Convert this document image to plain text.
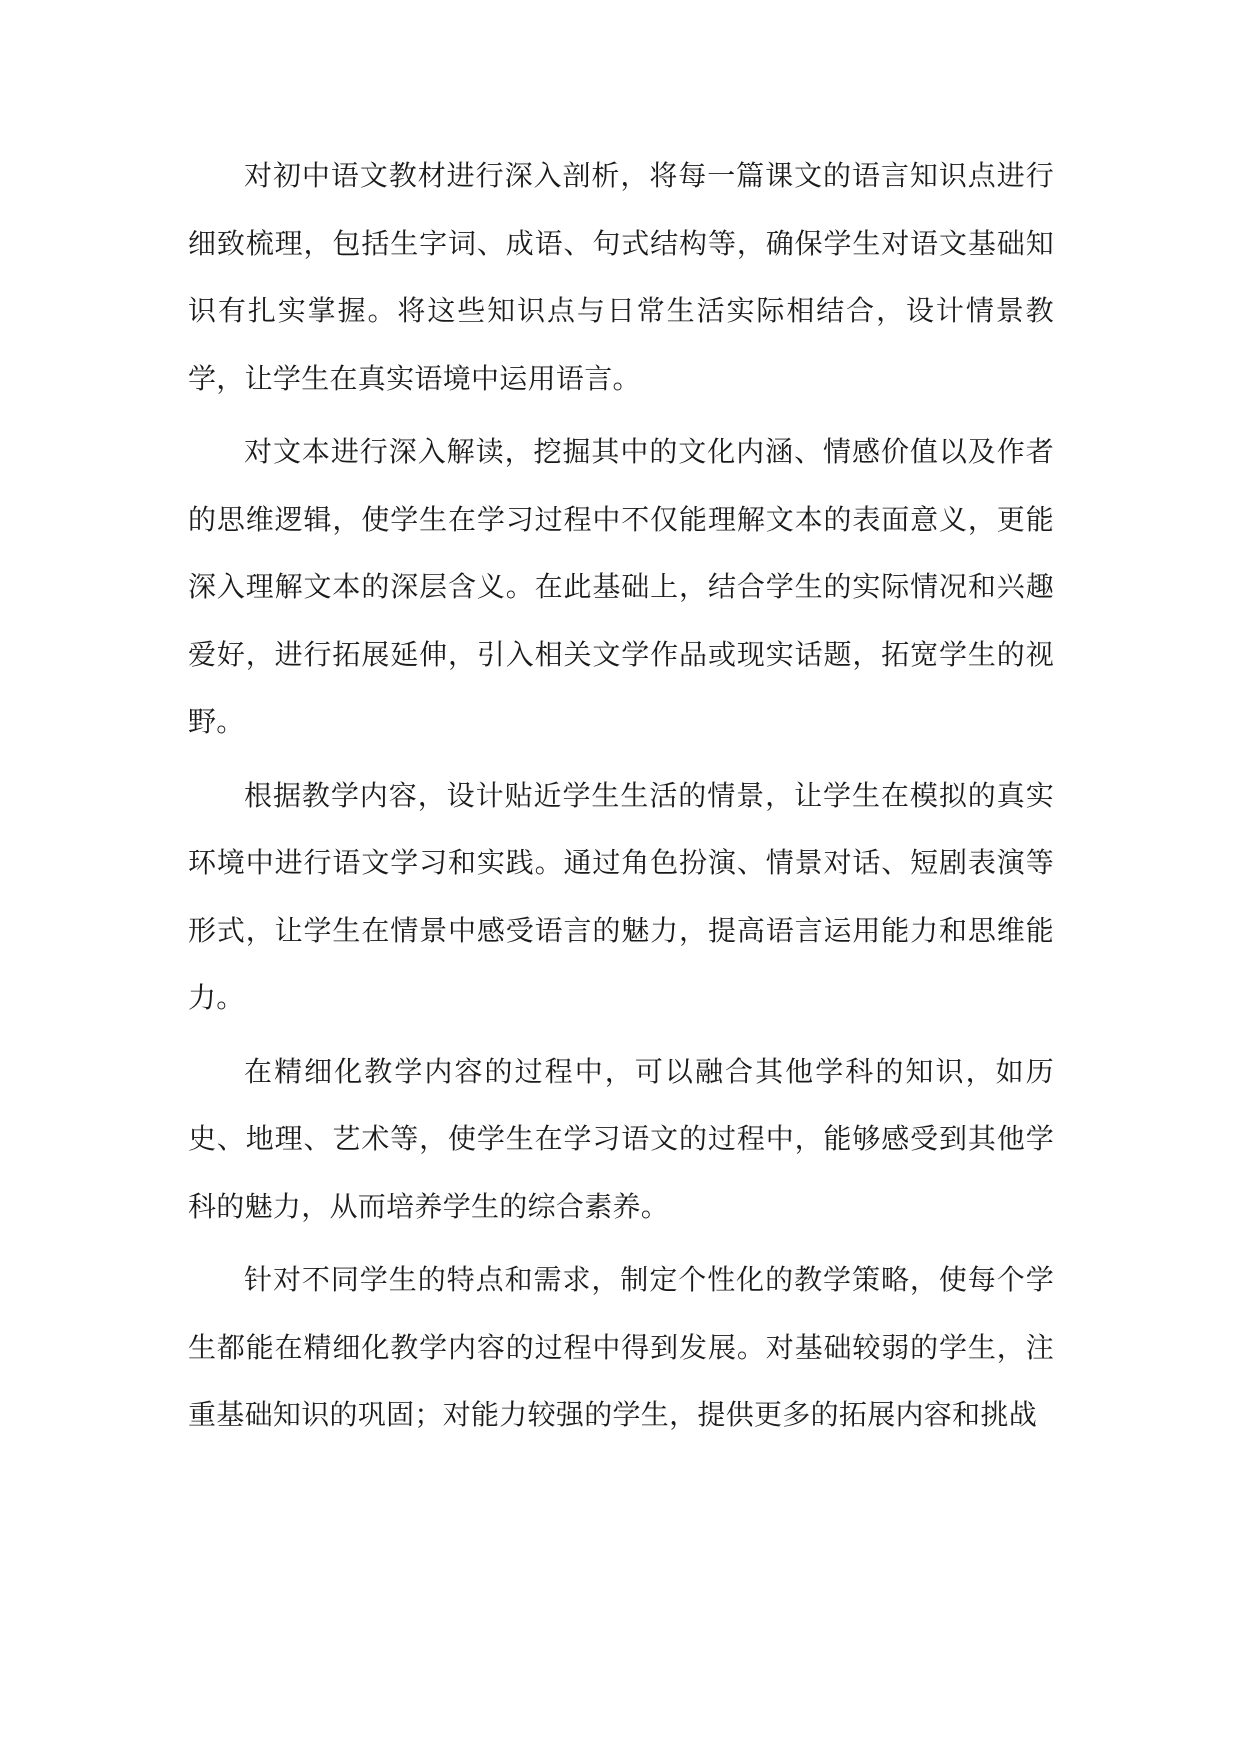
对初中语文教材进行深入剖析，将每一篇课文的语言知识点进行细致梳理，包括生字词、成语、句式结构等，确保学生对语文基础知识有扎实掌握。将这些知识点与日常生活实际相结合，设计情景教学，让学生在真实语境中运用语言。

对文本进行深入解读，挖掘其中的文化内涵、情感价值以及作者的思维逻辑，使学生在学习过程中不仅能理解文本的表面意义，更能深入理解文本的深层含义。在此基础上，结合学生的实际情况和兴趣爱好，进行拓展延伸，引入相关文学作品或现实话题，拓宽学生的视野。

根据教学内容，设计贴近学生生活的情景，让学生在模拟的真实环境中进行语文学习和实践。通过角色扮演、情景对话、短剧表演等形式，让学生在情景中感受语言的魅力，提高语言运用能力和思维能力。

在精细化教学内容的过程中，可以融合其他学科的知识，如历史、地理、艺术等，使学生在学习语文的过程中，能够感受到其他学科的魅力，从而培养学生的综合素养。

针对不同学生的特点和需求，制定个性化的教学策略，使每个学生都能在精细化教学内容的过程中得到发展。对基础较弱的学生，注重基础知识的巩固；对能力较强的学生，提供更多的拓展内容和挑战
